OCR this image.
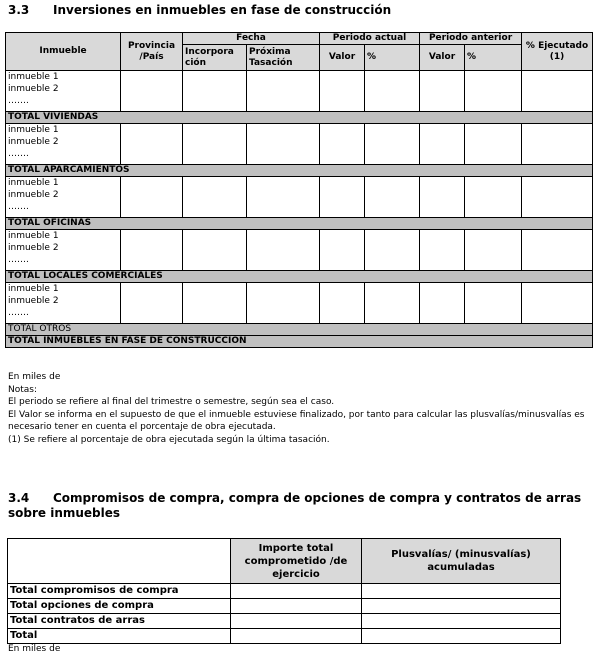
3.3 Inversiones en inmuebles en fase de construcción
Inmueble	Provincia /País	Fecha		Periodo actual		Periodo anterior		% Ejecutado (1)
		Incorpora ción	Próxima Tasación	Valor	%	Valor	%	

inmueble 1
inmueble 2
…….								

TOTAL VIVIENDAS								

inmueble 1
inmueble 2
…….								

TOTAL APARCAMIENTOS								

inmueble 1
inmueble 2
…….								

TOTAL OFICINAS								

inmueble 1
inmueble 2
…….								

TOTAL LOCALES COMERCIALES								

inmueble 1
inmueble 2
…….								

TOTAL OTROS								
TOTAL INMUEBLES EN FASE DE CONSTRUCCIÓN								
En miles de
Notas:
El periodo se refiere al final del trimestre o semestre, según sea el caso.
El Valor se informa en el supuesto de que el inmueble estuviese finalizado, por tanto para calcular las plusvalías/minusvalías es necesario tener en cuenta el porcentaje de obra ejecutada.
(1) Se refiere al porcentaje de obra ejecutada según la última tasación.
3.4 Compromisos de compra, compra de opciones de compra y contratos de arras sobre inmuebles
	Importe total comprometido /de ejercicio	Plusvalías/ (minusvalías) acumuladas
Total compromisos de compra		
Total opciones de compra		
Total contratos de arras		
Total		
En miles de
